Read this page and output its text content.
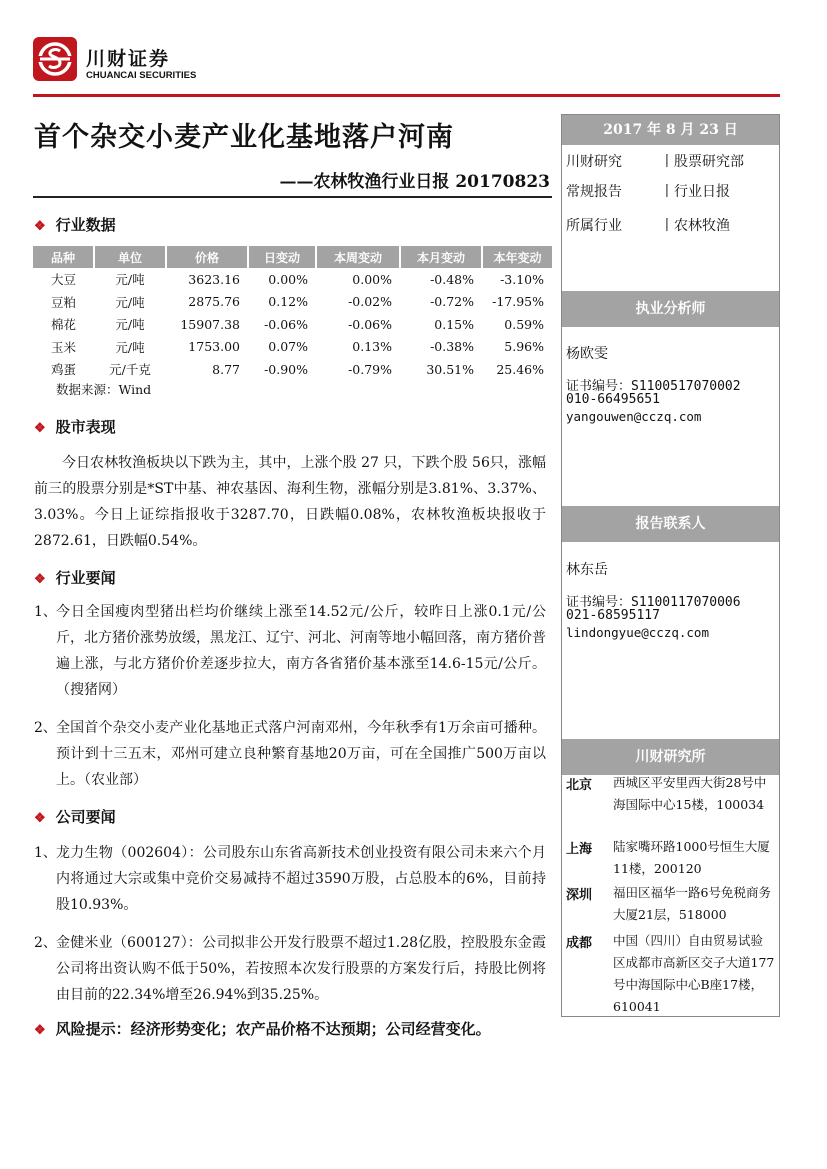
川财证券
CHUANCAI SECURITIES
首个杂交小麦产业化基地落户河南
——农林牧渔行业日报 20170823
❖ 行业数据
品种	单位	价格	日变动	本周变动	本月变动	本年变动
大豆	元/吨	3623.16	0.00%	0.00%	-0.48%	-3.10%
豆粕	元/吨	2875.76	0.12%	-0.02%	-0.72%	-17.95%
棉花	元/吨	15907.38	-0.06%	-0.06%	0.15%	0.59%
玉米	元/吨	1753.00	0.07%	0.13%	-0.38%	5.96%
鸡蛋	元/千克	8.77	-0.90%	-0.79%	30.51%	25.46%
数据来源：Wind
❖ 股市表现
今日农林牧渔板块以下跌为主，其中，上涨个股 27 只，下跌个股 56只，涨幅前三的股票分别是*ST中基、神农基因、海利生物，涨幅分别是3.81%、3.37%、3.03%。今日上证综指报收于3287.70，日跌幅0.08%，农林牧渔板块报收于2872.61，日跌幅0.54%。
❖ 行业要闻
1、 今日全国瘦肉型猪出栏均价继续上涨至14.52元/公斤，较昨日上涨0.1元/公斤，北方猪价涨势放缓，黑龙江、辽宁、河北、河南等地小幅回落，南方猪价普遍上涨，与北方猪价价差逐步拉大，南方各省猪价基本涨至14.6-15元/公斤。（搜猪网）
2、 全国首个杂交小麦产业化基地正式落户河南邓州，今年秋季有1万余亩可播种。预计到十三五末，邓州可建立良种繁育基地20万亩，可在全国推广500万亩以上。（农业部）
❖ 公司要闻
1、 龙力生物（002604）：公司股东山东省高新技术创业投资有限公司未来六个月内将通过大宗或集中竞价交易减持不超过3590万股，占总股本的6%，目前持股10.93%。
2、 金健米业（600127）：公司拟非公开发行股票不超过1.28亿股，控股股东金霞公司将出资认购不低于50%，若按照本次发行股票的方案发行后，持股比例将由目前的22.34%增至26.94%到35.25%。
❖ 风险提示：经济形势变化；农产品价格不达预期；公司经营变化。
2017 年 8 月 23 日
川财研究	丨股票研究部
常规报告	丨行业日报
所属行业	丨农林牧渔
执业分析师
杨欧雯
证书编号：S1100517070002
010-66495651
yangouwen@cczq.com
报告联系人
林东岳
证书编号：S1100117070006
021-68595117
lindongyue@cczq.com
川财研究所
北京 西城区平安里西大街28号中海国际中心15楼，100034
上海 陆家嘴环路1000号恒生大厦11楼，200120
深圳 福田区福华一路6号免税商务大厦21层，518000
成都 中国（四川）自由贸易试验区成都市高新区交子大道177号中海国际中心B座17楼，610041
